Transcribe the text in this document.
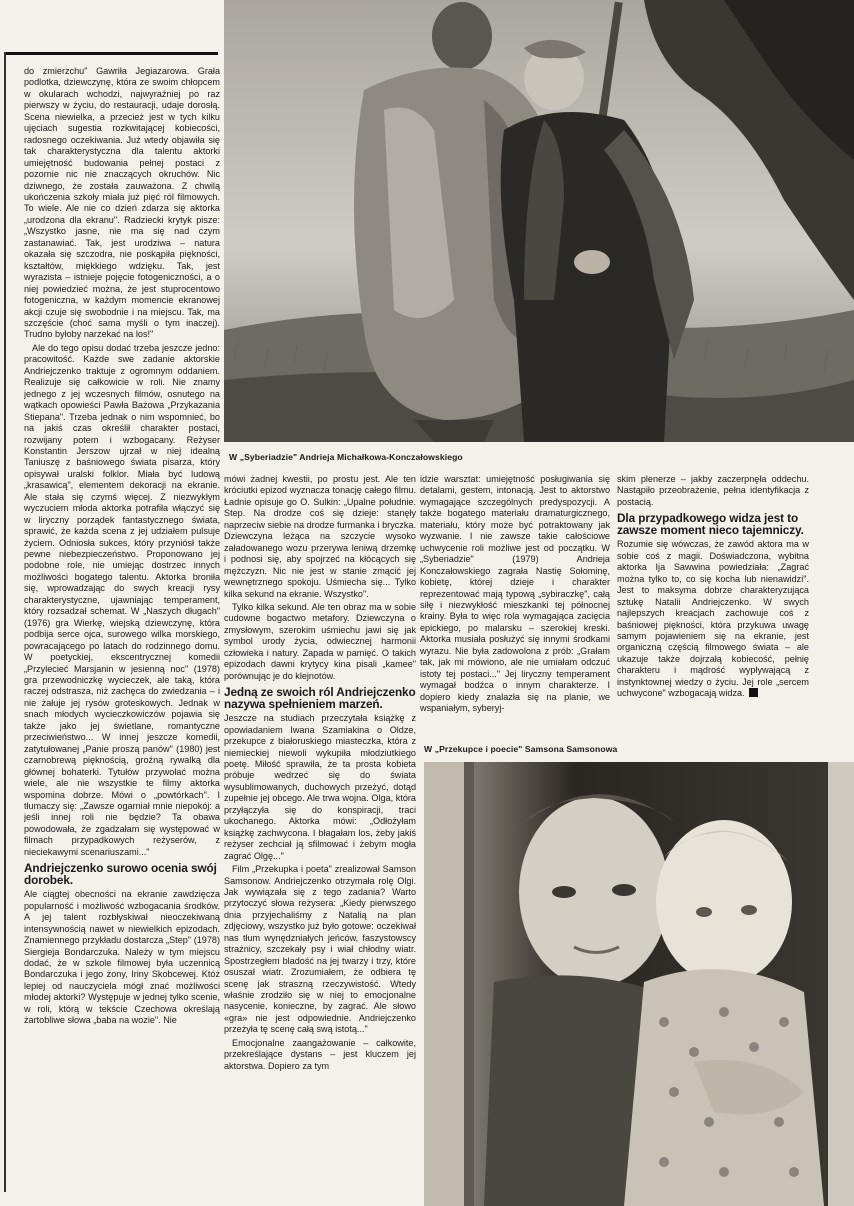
W „Syberiadzie" Andrieja Michałkowa-Konczałowskiego

do zmierzchu" Gawriła Jegiazarowa. Grała podlotka, dziewczynę, która ze swoim chłopcem w okularach wchodzi, najwyraźniej po raz pierwszy w życiu, do restauracji, udaje dorosłą. Scena niewielka, a przecież jest w tych kilku ujęciach sugestia rozkwitającej kobiecości, radosnego oczekiwania. Już wtedy objawiła się tak charakterystyczna dla talentu aktorki umiejętność budowania pełnej postaci z pozornie nic nie znaczących okruchów. Nic dziwnego, że została zauważona. Z chwilą ukończenia szkoły miała już pięć ról filmowych. To wiele. Ale nie co dzień zdarza się aktorka „urodzona dla ekranu". Radziecki krytyk pisze: „Wszystko jasne, nie ma się nad czym zastanawiać. Tak, jest urodziwa – natura okazała się szczodra, nie poskąpiła piękności, kształtów, miękkiego wdzięku. Tak, jest wyrazista – istnieje pojęcie fotogeniczności, a o niej powiedzieć można, że jest stuprocentowo fotogeniczna, w każdym momencie ekranowej akcji czuje się swobodnie i na miejscu. Tak, ma szczęście (choć sama myśli o tym inaczej). Trudno byłoby narzekać na los!"

Ale do tego opisu dodać trzeba jeszcze jedno: pracowitość. Każde swe zadanie aktorskie Andriejczenko traktuje z ogromnym oddaniem. Realizuje się całkowicie w roli. Nie znamy jednego z jej wczesnych filmów, osnutego na wątkach opowieści Pawła Bażowa „Przykazania Stiepana". Trzeba jednak o nim wspomnieć, bo na jakiś czas określił charakter postaci, rozwijany potem i wzbogacany. Reżyser Konstantin Jerszow ujrzał w niej idealną Taniuszę z baśniowego świata pisarza, który opisywał uralski folklor. Miała być ludową „krasawicą", elementem dekoracji na ekranie. Ale stała się czymś więcej. Z niezwykłym wyczuciem młoda aktorka potrafiła włączyć się w liryczny porządek fantastycznego świata, sprawić, że każda scena z jej udziałem pulsuje życiem. Odniosła sukces, który przyniósł także pewne niebezpieczeństwo. Proponowano jej podobne role, nie umiejąc dostrzec innych możliwości bogatego talentu. Aktorka broniła się, wprowadzając do swych kreacji rysy charakterystyczne, ujawniając temperament, który rozsadzał schemat. W „Naszych długach" (1976) gra Wierkę, wiejską dziewczynę, która podbija serce ojca, surowego wilka morskiego, powracającego po latach do rodzinnego domu. W poetyckiej, ekscentrycznej komedii „Przylecieć Marsjanin w jesienną noc" (1978) gra przewodniczkę wycieczek, ale taką, która raczej odstrasza, niż zachęca do zwiedzania – i nie żałuje jej rysów groteskowych. Jednak w snach młodych wycieczkowiczów pojawia się także jako jej świetlane, romantyczne przeciwieństwo... W innej jeszcze komedii, zatytułowanej „Panie proszą panów" (1980) jest czarnobrewą pięknością, groźną rywalką dla głównej bohaterki. Tytułów przywołać można wiele, ale nie wszystkie te filmy aktorka wspomina dobrze. Mówi o „powtórkach". I tłumaczy się: „Zawsze ogarniał mnie niepokój: a jeśli innej roli nie będzie? Ta obawa powodowała, że zgadzałam się występować w filmach przypadkowych reżyserów, z nieciekawymi scenariuszami..."

Andriejczenko surowo ocenia swój dorobek.

Ale ciągtej obecności na ekranie zawdzięcza popularność i możliwość wzbogacania środków. A jej talent rozbłyskiwał nieoczekiwaną intensywnością nawet w niewielkich epizodach. Znamiennego przykładu dostarcza „Step" (1978) Siergieja Bondarczuka. Należy w tym miejscu dodać, że w szkole filmowej była uczennicą Bondarczuka i jego żony, Iriny Skobcewej. Któż lepiej od nauczyciela mógł znać możliwości młodej aktorki? Występuje w jednej tylko scenie, w roli, którą w tekście Czechowa określają żartobliwe słowa „baba na wozie". Nie

mówi żadnej kwestii, po prostu jest. Ale ten króciutki epizod wyznacza tonację całego filmu. Ładnie opisuje go O. Sulkin: „Upalne południe. Step. Na drodze coś się dzieje: stanęły naprzeciw siebie na drodze furmanka i bryczka. Dziewczyna leżąca na szczycie wysoko załadowanego wozu przerywa leniwą drzemkę i podnosi się, aby spojrzeć na kłócących się mężczyzn. Nic nie jest w stanie zmącić jej wewnętrznego spokoju. Uśmiecha się... Tylko kilka sekund na ekranie. Wszystko".

Tylko kilka sekund. Ale ten obraz ma w sobie cudowne bogactwo metafory. Dziewczyna o zmysłowym, szerokim uśmiechu jawi się jak symbol urody życia, odwiecznej harmonii człowieka i natury. Zapada w pamięć. O takich epizodach dawni krytycy kina pisali „kamee" porównując je do klejnotów.

Jedną ze swoich ról Andriejczenko nazywa spełnieniem marzeń.

Jeszcze na studiach przeczytała książkę z opowiadaniem Iwana Szamiakina o Oldze, przekupce z białoruskiego miasteczka, która z niemieckiej niewoli wykupiła młodziutkiego poetę. Miłość sprawiła, że ta prosta kobieta próbuje wedrzeć się do świata wysublimowanych, duchowych przeżyć, dotąd zupełnie jej obcego. Ale trwa wojna. Olga, która przyłączyła się do konspiracji, traci ukochanego. Aktorka mówi: „Odłożyłam książkę zachwycona. I błagałam los, żeby jakiś reżyser zechciał ją sfilmować i żebym mogła zagrać Olgę..."

Film „Przekupka i poeta" zrealizował Samson Samsonow. Andriejczenko otrzymała rolę Olgi. Jak wywiązała się z tego zadania? Warto przytoczyć słowa reżysera: „Kiedy pierwszego dnia przyjechaliśmy z Natalią na plan zdjęciowy, wszystko już było gotowe: oczekiwał nas tłum wynędzniałych jeńców, faszystowscy strażnicy, szczekały psy i wiał chłodny wiatr. Spostrzegłem bladość na jej twarzy i trzy, które osuszał wiatr. Zrozumiałem, że odbiera tę scenę jak straszną rzeczywistość. Wtedy właśnie zrodziło się w niej to emocjonalne nasycenie, konieczne, by zagrać. Ale słowo «gra» nie jest odpowiednie. Andriejczenko przeżyła tę scenę całą swą istotą..."

Emocjonalne zaangażowanie – całkowite, przekreślające dystans – jest kluczem jej aktorstwa. Dopiero za tym

idzie warsztat: umiejętność posługiwania się detalami, gestem, intonacją. Jest to aktorstwo wymagające szczególnych predyspozycji. A także bogatego materiału dramaturgicznego, materiału, który może być potraktowany jak wyzwanie. I nie zawsze takie całościowe uchwycenie roli możliwe jest od początku. W „Syberiadzie" (1979) Andrieja Konczałowskiego zagrała Nastię Sołominę, kobietę, której dzieje i charakter reprezentować mają typową „sybiraczkę", całą siłę i niezwykłość mieszkanki tej północnej krainy. Była to więc rola wymagająca zacięcia epickiego, po malarsku – szerokiej kreski. Aktorka musiała posłużyć się innymi środkami wyrazu. Nie była zadowolona z prób: „Grałam tak, jak mi mówiono, ale nie umiałam odczuć istoty tej postaci..." Jej liryczny temperament wymagał bodźca o innym charakterze. I dopiero kiedy znalazła się na planie, we wspaniałym, syberyj-

skim plenerze – jakby zaczerpnęła oddechu. Nastąpiło przeobrażenie, pełna identyfikacja z postacią.

Dla przypadkowego widza jest to zawsze moment nieco tajemniczy.

Rozumie się wówczas, że zawód aktora ma w sobie coś z magii. Doświadczona, wybitna aktorka Ija Sawwina powiedziała: „Zagrać można tylko to, co się kocha lub nienawidzi". Jest to maksyma dobrze charakteryzująca sztukę Natalii Andriejczenko. W swych najlepszych kreacjach zachowuje coś z baśniowej piękności, która przykuwa uwagę samym pojawieniem się na ekranie, jest organiczną częścią filmowego świata – ale ukazuje także dojrzałą kobiecość, pełnię charakteru i mądrość wypływającą z instynktownej wiedzy o życiu. Jej role „sercem uchwycone" wzbogacają widza.

W „Przekupce i poecie" Samsona Samsonowa
